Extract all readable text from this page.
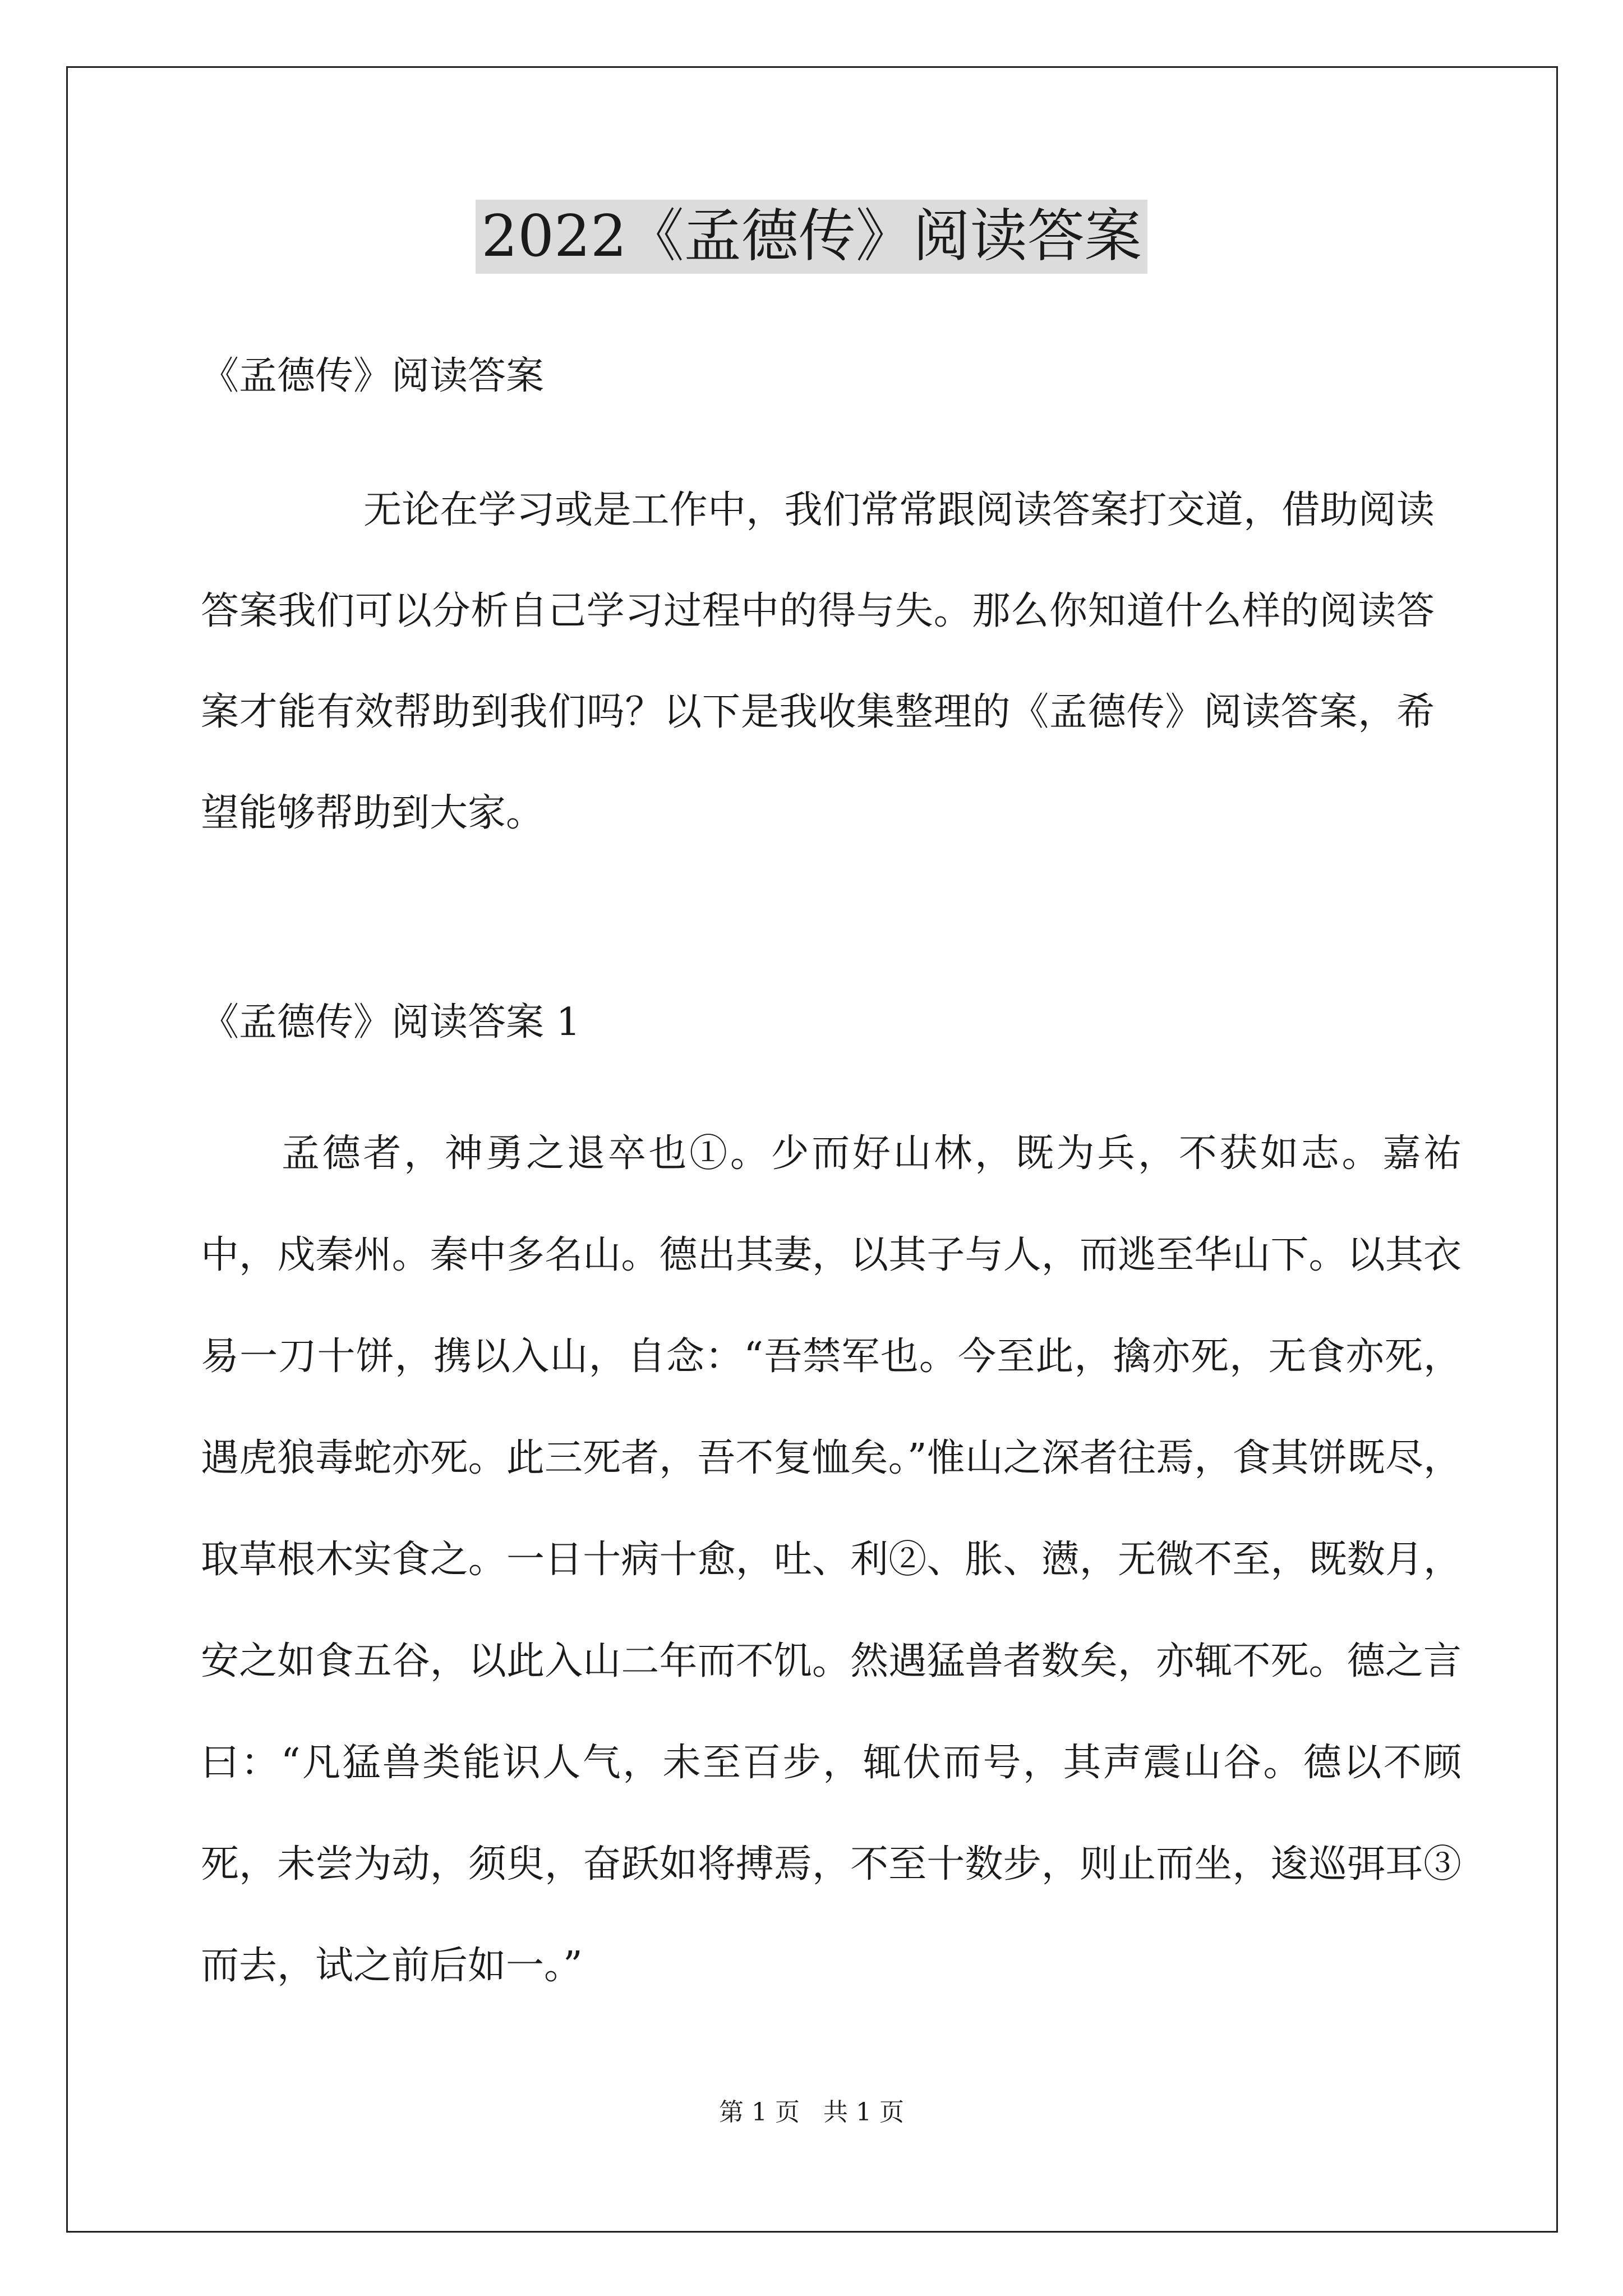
2022《孟德传》阅读答案
《孟德传》阅读答案

无论在学习或是工作中，我们常常跟阅读答案打交道，借助阅读答案我们可以分析自己学习过程中的得与失。那么你知道什么样的阅读答案才能有效帮助到我们吗？以下是我收集整理的《孟德传》阅读答案，希望能够帮助到大家。

《孟德传》阅读答案 1

孟德者，神勇之退卒也①。少而好山林，既为兵，不获如志。嘉祐中，戍秦州。秦中多名山。德出其妻，以其子与人，而逃至华山下。以其衣易一刀十饼，携以入山，自念：“吾禁军也。今至此，擒亦死，无食亦死，遇虎狼毒蛇亦死。此三死者，吾不复恤矣。”惟山之深者往焉，食其饼既尽，取草根木实食之。一日十病十愈，吐、利②、胀、懑，无微不至，既数月，安之如食五谷，以此入山二年而不饥。然遇猛兽者数矣，亦辄不死。德之言曰：“凡猛兽类能识人气，未至百步，辄伏而号，其声震山谷。德以不顾死，未尝为动，须臾，奋跃如将搏焉，不至十数步，则止而坐，逡巡弭耳③而去，试之前后如一。”

第 1 页 共 1 页
